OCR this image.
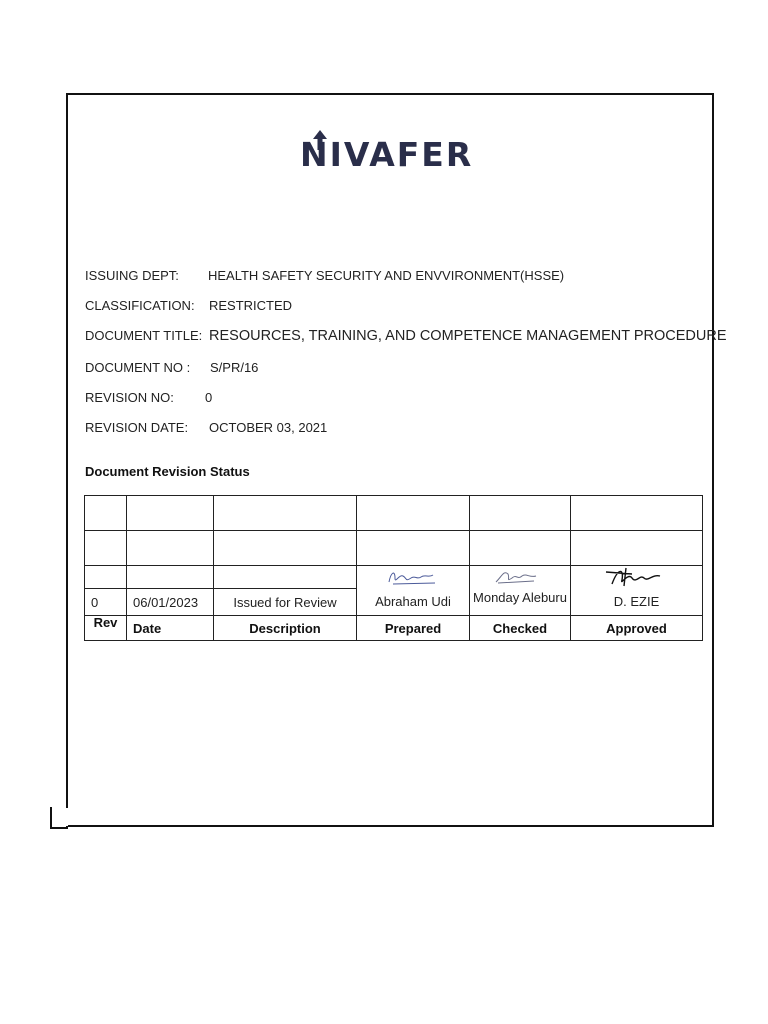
NIVAFER
ISSUING DEPT: HEALTH SAFETY SECURITY AND ENVVIRONMENT(HSSE)
CLASSIFICATION: RESTRICTED
DOCUMENT TITLE: RESOURCES, TRAINING, AND COMPETENCE MANAGEMENT PROCEDURE
DOCUMENT NO : S/PR/16
REVISION NO: 0
REVISION DATE: OCTOBER 03, 2021
Document Revision Status

0	06/01/2023	Issued for Review	Abraham Udi	Monday Aleburu	D. EZIE
Rev	Date	Description	Prepared	Checked	Approved
